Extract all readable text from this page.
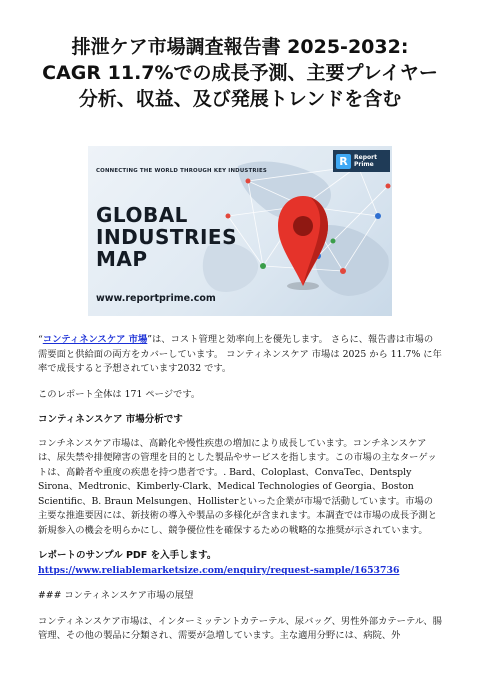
排泄ケア市場調査報告書 2025-2032: CAGR 11.7%での成長予測、主要プレイヤー分析、収益、及び発展トレンドを含む
CONNECTING THE WORLD THROUGH KEY INDUSTRIES
GLOBAL
INDUSTRIES
MAP
www.reportprime.com
R	Report
Prime

“コンティネンスケア 市場”は、コスト管理と効率向上を優先します。 さらに、報告書は市場の需要面と供給面の両方をカバーしています。 コンティネンスケア 市場は 2025 から 11.7% に年率で成長すると予想されています2032 です。

このレポート全体は 171 ページです。

コンティネンスケア 市場分析です

コンチネンスケア市場は、高齢化や慢性疾患の増加により成長しています。コンチネンスケアは、尿失禁や排便障害の管理を目的とした製品やサービスを指します。この市場の主なターゲットは、高齢者や重度の疾患を持つ患者です。. Bard、Coloplast、ConvaTec、Dentsply Sirona、Medtronic、Kimberly-Clark、Medical Technologies of Georgia、Boston Scientific、B. Braun Melsungen、Hollisterといった企業が市場で活動しています。市場の主要な推進要因には、新技術の導入や製品の多様化が含まれます。本調査では市場の成長予測と新規参入の機会を明らかにし、競争優位性を確保するための戦略的な推奨が示されています。

レポートのサンプル PDF を入手します。 https://www.reliablemarketsize.com/enquiry/request-sample/1653736

### コンティネンスケア市場の展望

コンティネンスケア市場は、インターミッテントカテーテル、尿バッグ、男性外部カテーテル、腸管理、その他の製品に分類され、需要が急増しています。主な適用分野には、病院、外
